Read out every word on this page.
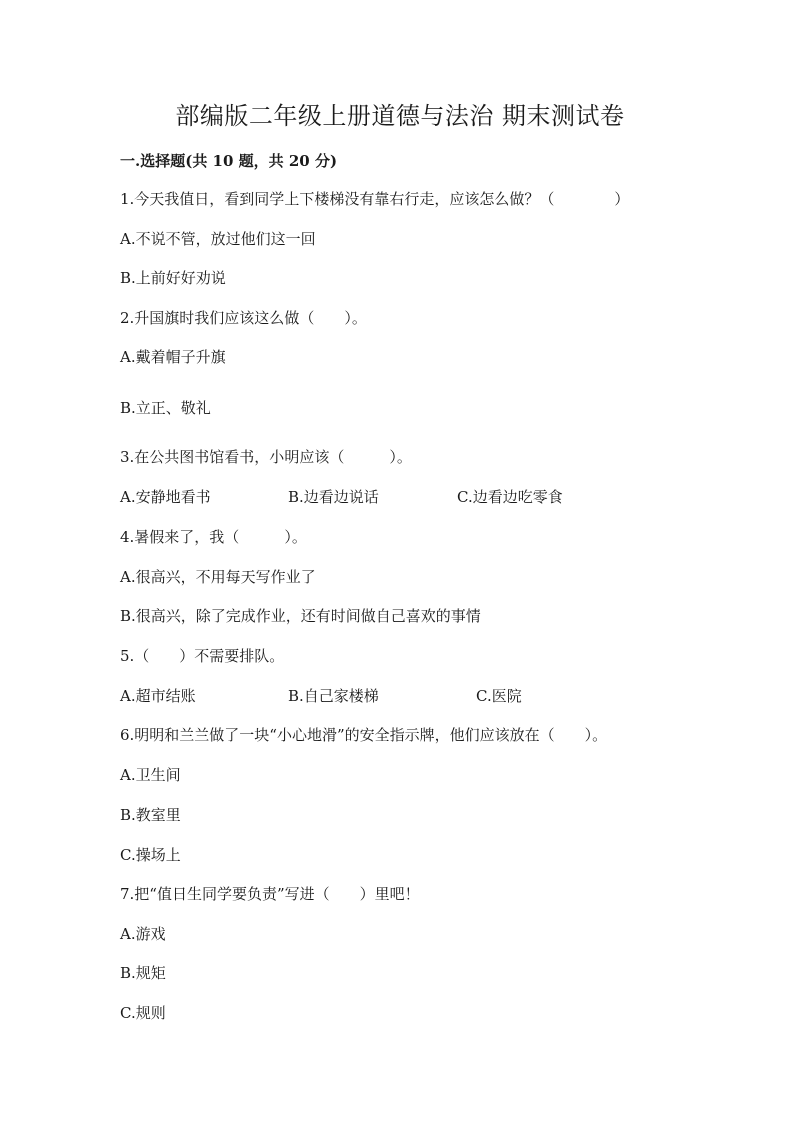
部编版二年级上册道德与法治 期末测试卷
一.选择题(共 10 题，共 20 分)
1.今天我值日，看到同学上下楼梯没有靠右行走，应该怎么做？（　　　　）
A.不说不管，放过他们这一回
B.上前好好劝说
2.升国旗时我们应该这么做（　　）。
A.戴着帽子升旗
B.立正、敬礼
3.在公共图书馆看书，小明应该（　　　）。
A.安静地看书	B.边看边说话	C.边看边吃零食
4.暑假来了，我（　　　）。
A.很高兴，不用每天写作业了
B.很高兴，除了完成作业，还有时间做自己喜欢的事情
5.（　　）不需要排队。
A.超市结账	B.自己家楼梯	C.医院
6.明明和兰兰做了一块“小心地滑”的安全指示牌，他们应该放在（　　）。
A.卫生间
B.教室里
C.操场上
7.把“值日生同学要负责”写进（　　）里吧！
A.游戏
B.规矩
C.规则
